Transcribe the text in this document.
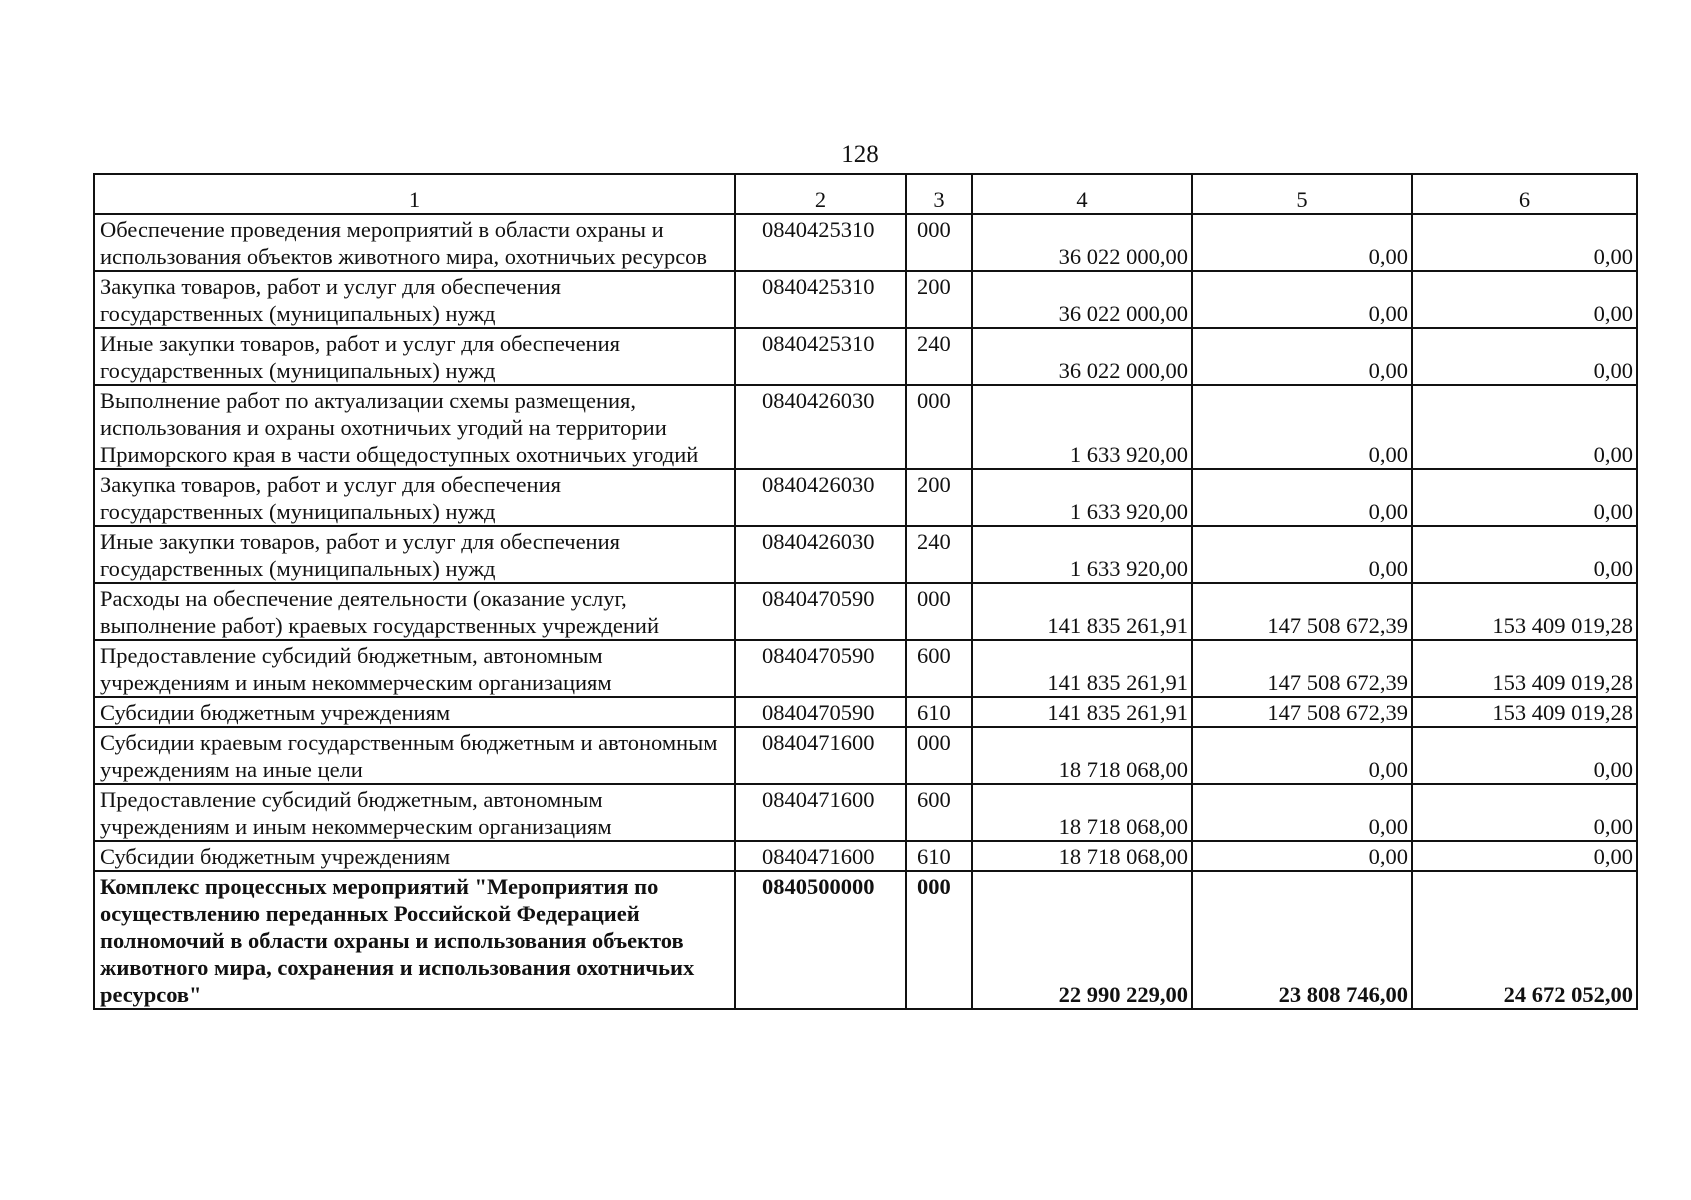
128
1	2	3	4	5	6
Обеспечение проведения мероприятий в области охраны и использования объектов животного мира, охотничьих ресурсов	0840425310	000	36 022 000,00	0,00	0,00
Закупка товаров, работ и услуг для обеспечения государственных (муниципальных) нужд	0840425310	200	36 022 000,00	0,00	0,00
Иные закупки товаров, работ и услуг для обеспечения государственных (муниципальных) нужд	0840425310	240	36 022 000,00	0,00	0,00
Выполнение работ по актуализации схемы размещения, использования и охраны охотничьих угодий на территории Приморского края в части общедоступных охотничьих угодий	0840426030	000	1 633 920,00	0,00	0,00
Закупка товаров, работ и услуг для обеспечения государственных (муниципальных) нужд	0840426030	200	1 633 920,00	0,00	0,00
Иные закупки товаров, работ и услуг для обеспечения государственных (муниципальных) нужд	0840426030	240	1 633 920,00	0,00	0,00
Расходы на обеспечение деятельности (оказание услуг, выполнение работ) краевых государственных учреждений	0840470590	000	141 835 261,91	147 508 672,39	153 409 019,28
Предоставление субсидий бюджетным, автономным учреждениям и иным некоммерческим организациям	0840470590	600	141 835 261,91	147 508 672,39	153 409 019,28
Субсидии бюджетным учреждениям	0840470590	610	141 835 261,91	147 508 672,39	153 409 019,28
Субсидии краевым государственным бюджетным и автономным учреждениям на иные цели	0840471600	000	18 718 068,00	0,00	0,00
Предоставление субсидий бюджетным, автономным учреждениям и иным некоммерческим организациям	0840471600	600	18 718 068,00	0,00	0,00
Субсидии бюджетным учреждениям	0840471600	610	18 718 068,00	0,00	0,00
Комплекс процессных мероприятий "Мероприятия по осуществлению переданных Российской Федерацией полномочий в области охраны и использования объектов животного мира, сохранения и использования охотничьих ресурсов"	0840500000	000	22 990 229,00	23 808 746,00	24 672 052,00
